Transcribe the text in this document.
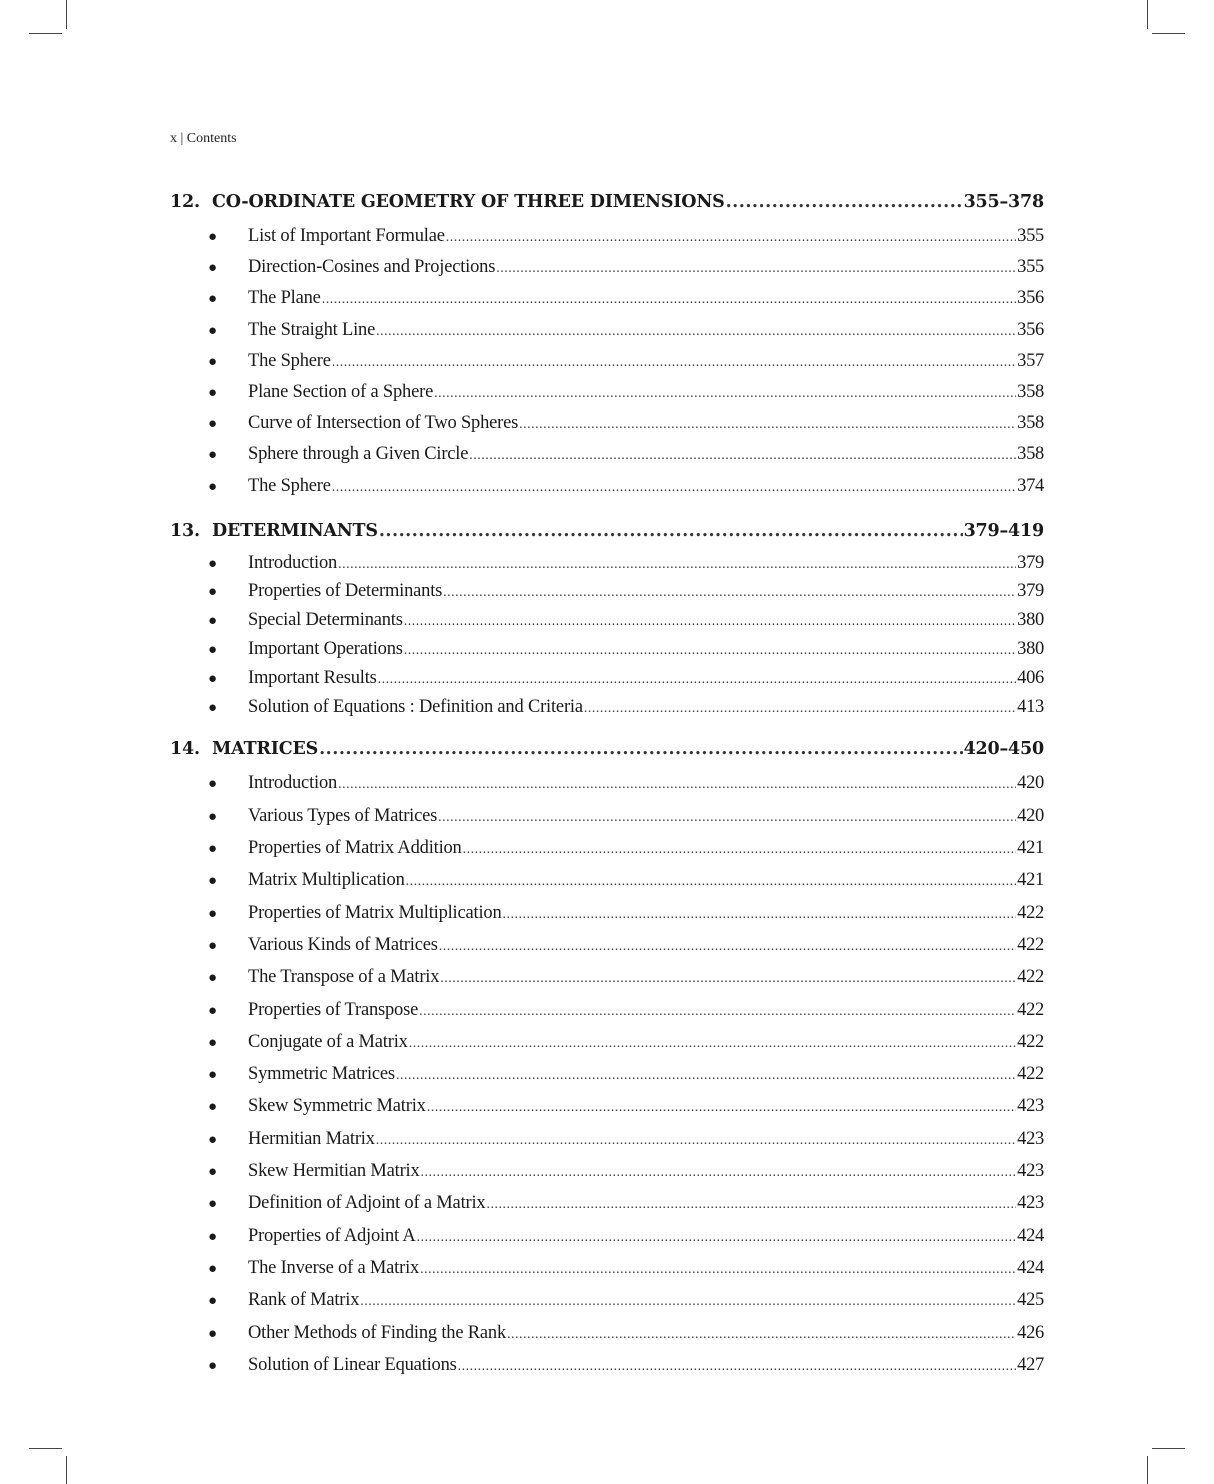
x | Contents
12. CO-ORDINATE GEOMETRY OF THREE DIMENSIONS .....	355–378
●	List of Important Formulae .....	355
●	Direction-Cosines and Projections .....	355
●	The Plane .....	356
●	The Straight Line .....	356
●	The Sphere .....	357
●	Plane Section of a Sphere .....	358
●	Curve of Intersection of Two Spheres .....	358
●	Sphere through a Given Circle .....	358
●	The Sphere .....	374
13. DETERMINANTS .....	379–419
●	Introduction .....	379
●	Properties of Determinants .....	379
●	Special Determinants .....	380
●	Important Operations .....	380
●	Important Results .....	406
●	Solution of Equations : Definition and Criteria .....	413
14. MATRICES .....	420–450
●	Introduction .....	420
●	Various Types of Matrices .....	420
●	Properties of Matrix Addition .....	421
●	Matrix Multiplication .....	421
●	Properties of Matrix Multiplication .....	422
●	Various Kinds of Matrices .....	422
●	The Transpose of a Matrix .....	422
●	Properties of Transpose .....	422
●	Conjugate of a Matrix .....	422
●	Symmetric Matrices .....	422
●	Skew Symmetric Matrix .....	423
●	Hermitian Matrix .....	423
●	Skew Hermitian Matrix .....	423
●	Definition of Adjoint of a Matrix .....	423
●	Properties of Adjoint A .....	424
●	The Inverse of a Matrix .....	424
●	Rank of Matrix .....	425
●	Other Methods of Finding the Rank .....	426
●	Solution of Linear Equations .....	427
